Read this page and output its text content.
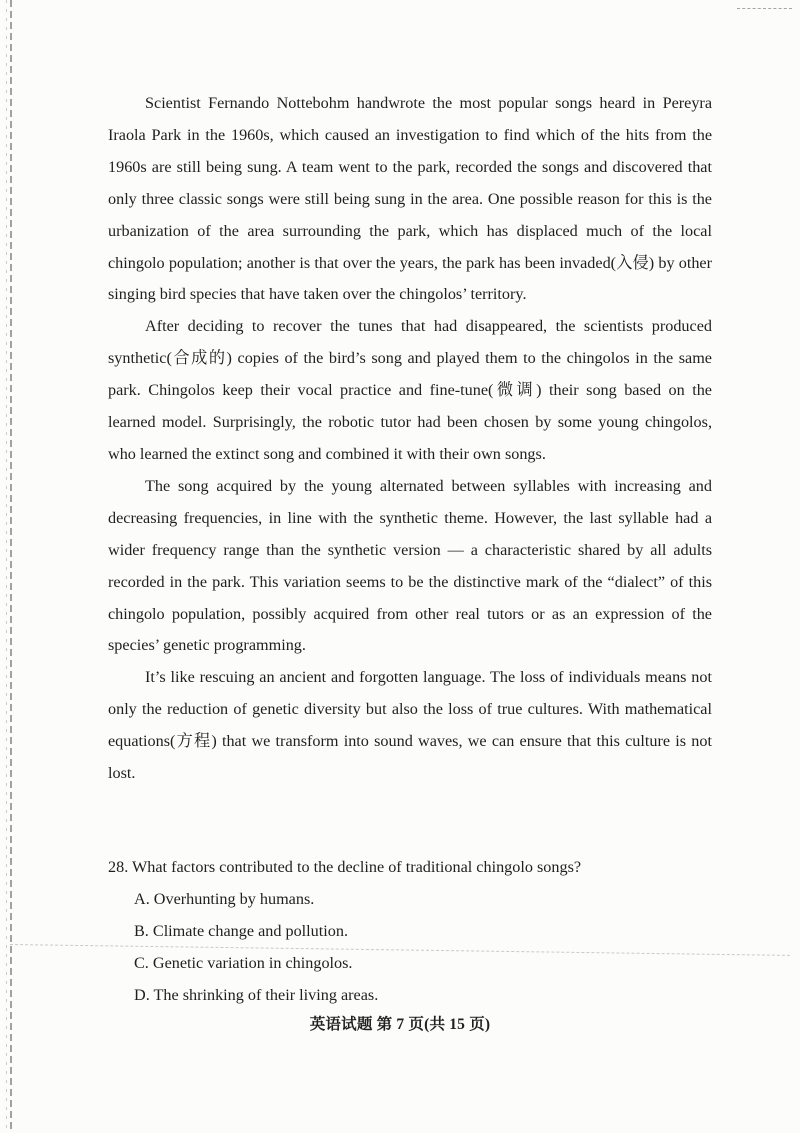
Scientist Fernando Nottebohm handwrote the most popular songs heard in Pereyra Iraola Park in the 1960s, which caused an investigation to find which of the hits from the 1960s are still being sung. A team went to the park, recorded the songs and discovered that only three classic songs were still being sung in the area. One possible reason for this is the urbanization of the area surrounding the park, which has displaced much of the local chingolo population; another is that over the years, the park has been invaded(入侵) by other singing bird species that have taken over the chingolos’ territory.

After deciding to recover the tunes that had disappeared, the scientists produced synthetic(合成的) copies of the bird’s song and played them to the chingolos in the same park. Chingolos keep their vocal practice and fine-tune(微调) their song based on the learned model. Surprisingly, the robotic tutor had been chosen by some young chingolos, who learned the extinct song and combined it with their own songs.

The song acquired by the young alternated between syllables with increasing and decreasing frequencies, in line with the synthetic theme. However, the last syllable had a wider frequency range than the synthetic version — a characteristic shared by all adults recorded in the park. This variation seems to be the distinctive mark of the “dialect” of this chingolo population, possibly acquired from other real tutors or as an expression of the species’ genetic programming.

It’s like rescuing an ancient and forgotten language. The loss of individuals means not only the reduction of genetic diversity but also the loss of true cultures. With mathematical equations(方程) that we transform into sound waves, we can ensure that this culture is not lost.

28. What factors contributed to the decline of traditional chingolo songs?

A. Overhunting by humans.

B. Climate change and pollution.

C. Genetic variation in chingolos.

D. The shrinking of their living areas.

英语试题 第 7 页(共 15 页)
